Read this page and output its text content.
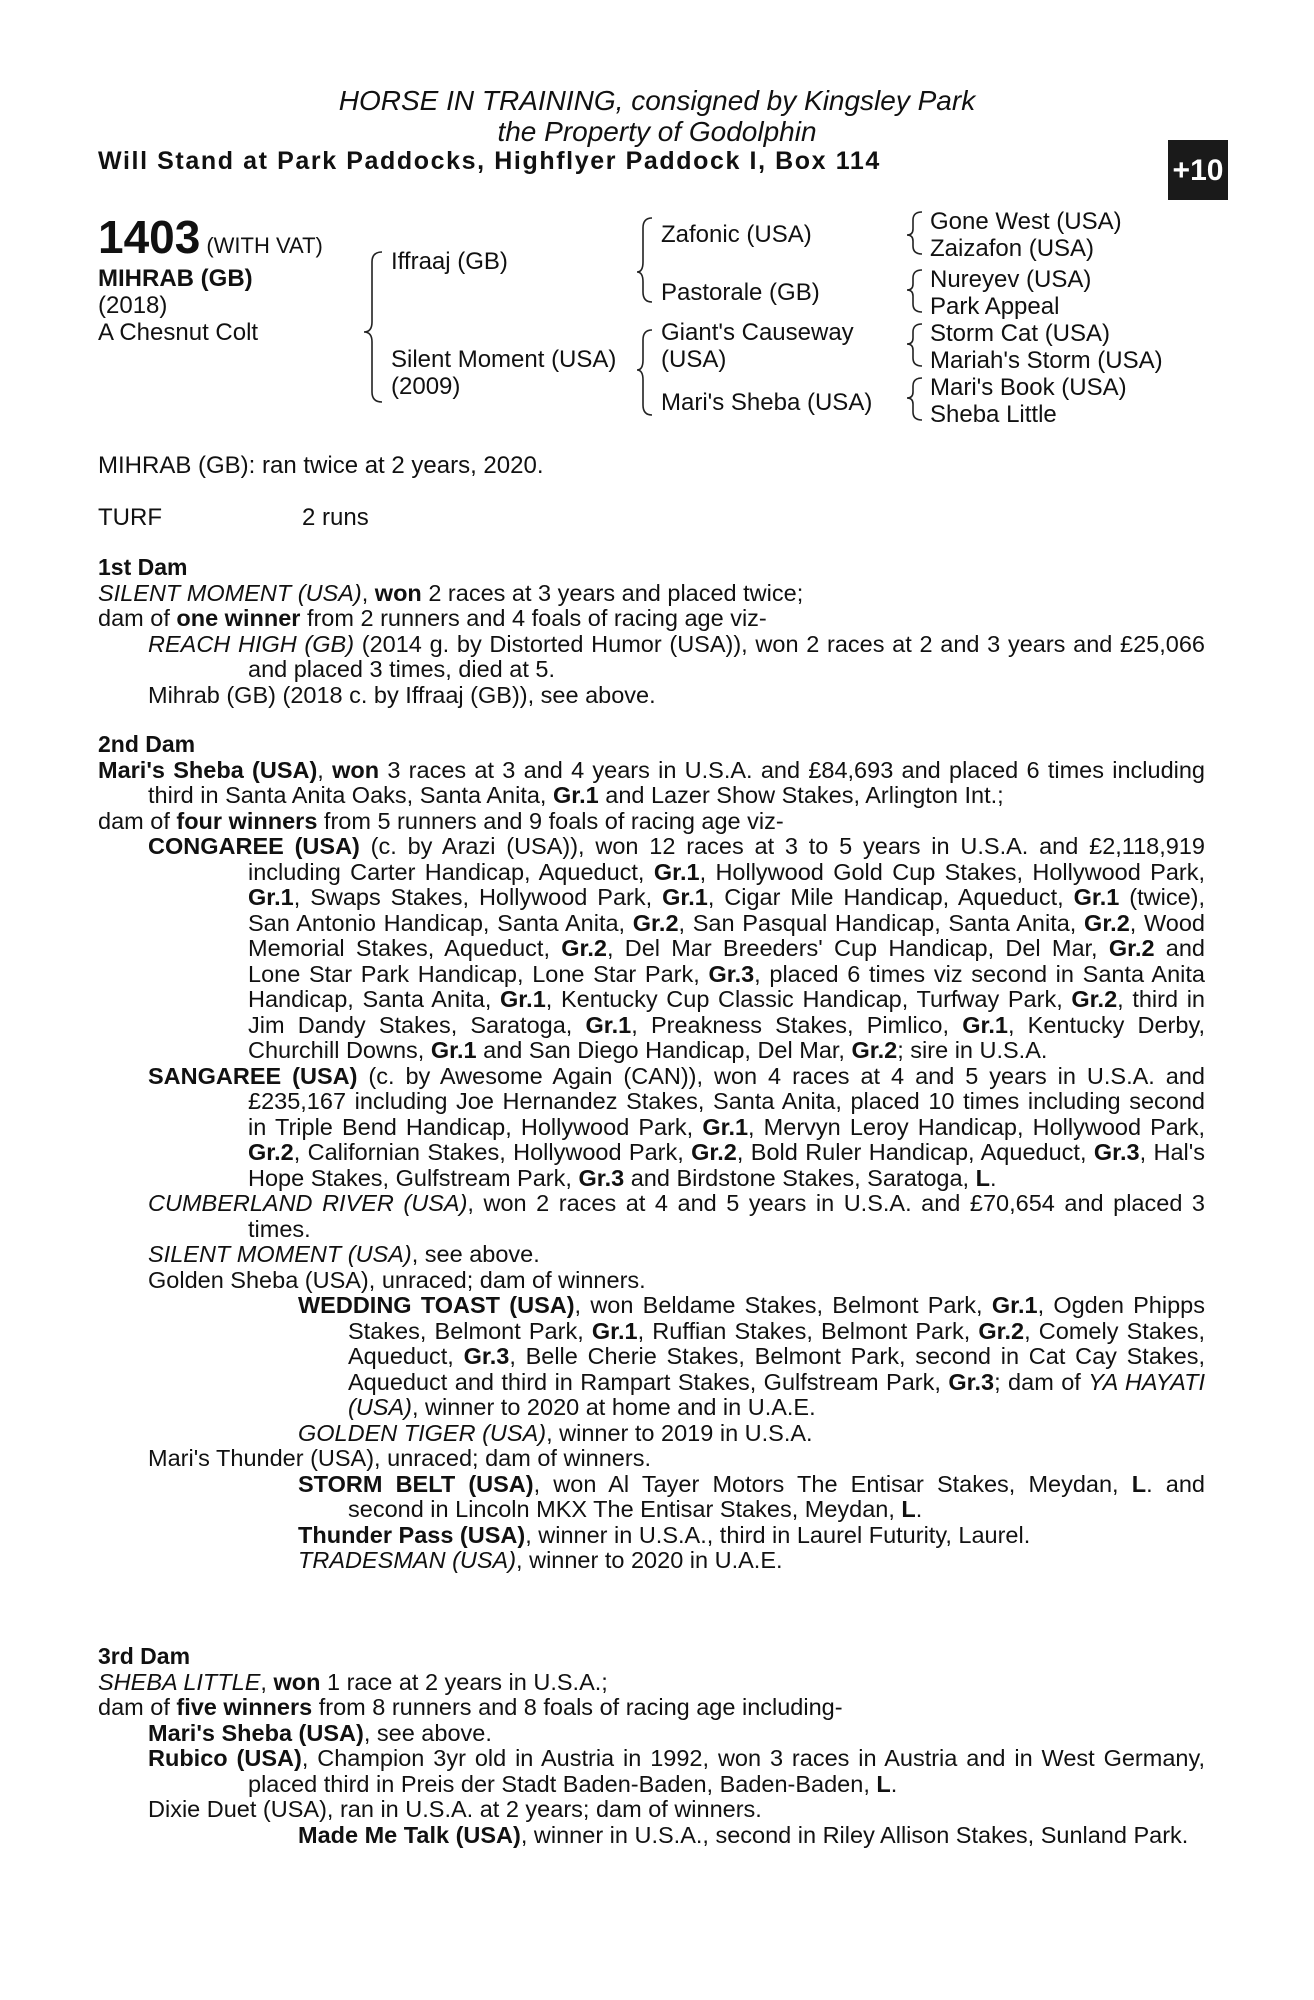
HORSE IN TRAINING, consigned by Kingsley Park
the Property of Godolphin
Will Stand at Park Paddocks, Highflyer Paddock I, Box 114	+10
1403 (WITH VAT)
MIHRAB (GB)
(2018)
A Chesnut Colt
Iffraaj (GB)
Silent Moment (USA)
(2009)
Zafonic (USA)
Pastorale (GB)
Giant's Causeway
(USA)
Mari's Sheba (USA)
Gone West (USA)
Zaizafon (USA)
Nureyev (USA)
Park Appeal
Storm Cat (USA)
Mariah's Storm (USA)
Mari's Book (USA)
Sheba Little
MIHRAB (GB): ran twice at 2 years, 2020.
TURF	2 runs

1st Dam

SILENT MOMENT (USA), won 2 races at 3 years and placed twice;

dam of one winner from 2 runners and 4 foals of racing age viz-

REACH HIGH (GB) (2014 g. by Distorted Humor (USA)), won 2 races at 2 and 3 years and £25,066 and placed 3 times, died at 5.

Mihrab (GB) (2018 c. by Iffraaj (GB)), see above.

2nd Dam

Mari's Sheba (USA), won 3 races at 3 and 4 years in U.S.A. and £84,693 and placed 6 times including third in Santa Anita Oaks, Santa Anita, Gr.1 and Lazer Show Stakes, Arlington Int.;

dam of four winners from 5 runners and 9 foals of racing age viz-

CONGAREE (USA) (c. by Arazi (USA)), won 12 races at 3 to 5 years in U.S.A. and £2,118,919 including Carter Handicap, Aqueduct, Gr.1, Hollywood Gold Cup Stakes, Hollywood Park, Gr.1, Swaps Stakes, Hollywood Park, Gr.1, Cigar Mile Handicap, Aqueduct, Gr.1 (twice), San Antonio Handicap, Santa Anita, Gr.2, San Pasqual Handicap, Santa Anita, Gr.2, Wood Memorial Stakes, Aqueduct, Gr.2, Del Mar Breeders' Cup Handicap, Del Mar, Gr.2 and Lone Star Park Handicap, Lone Star Park, Gr.3, placed 6 times viz second in Santa Anita Handicap, Santa Anita, Gr.1, Kentucky Cup Classic Handicap, Turfway Park, Gr.2, third in Jim Dandy Stakes, Saratoga, Gr.1, Preakness Stakes, Pimlico, Gr.1, Kentucky Derby, Churchill Downs, Gr.1 and San Diego Handicap, Del Mar, Gr.2; sire in U.S.A.

SANGAREE (USA) (c. by Awesome Again (CAN)), won 4 races at 4 and 5 years in U.S.A. and £235,167 including Joe Hernandez Stakes, Santa Anita, placed 10 times including second in Triple Bend Handicap, Hollywood Park, Gr.1, Mervyn Leroy Handicap, Hollywood Park, Gr.2, Californian Stakes, Hollywood Park, Gr.2, Bold Ruler Handicap, Aqueduct, Gr.3, Hal's Hope Stakes, Gulfstream Park, Gr.3 and Birdstone Stakes, Saratoga, L.

CUMBERLAND RIVER (USA), won 2 races at 4 and 5 years in U.S.A. and £70,654 and placed 3 times.

SILENT MOMENT (USA), see above.

Golden Sheba (USA), unraced; dam of winners.

WEDDING TOAST (USA), won Beldame Stakes, Belmont Park, Gr.1, Ogden Phipps Stakes, Belmont Park, Gr.1, Ruffian Stakes, Belmont Park, Gr.2, Comely Stakes, Aqueduct, Gr.3, Belle Cherie Stakes, Belmont Park, second in Cat Cay Stakes, Aqueduct and third in Rampart Stakes, Gulfstream Park, Gr.3; dam of YA HAYATI (USA), winner to 2020 at home and in U.A.E.

GOLDEN TIGER (USA), winner to 2019 in U.S.A.

Mari's Thunder (USA), unraced; dam of winners.

STORM BELT (USA), won Al Tayer Motors The Entisar Stakes, Meydan, L. and second in Lincoln MKX The Entisar Stakes, Meydan, L.

Thunder Pass (USA), winner in U.S.A., third in Laurel Futurity, Laurel.

TRADESMAN (USA), winner to 2020 in U.A.E.

3rd Dam

SHEBA LITTLE, won 1 race at 2 years in U.S.A.;

dam of five winners from 8 runners and 8 foals of racing age including-

Mari's Sheba (USA), see above.

Rubico (USA), Champion 3yr old in Austria in 1992, won 3 races in Austria and in West Germany, placed third in Preis der Stadt Baden-Baden, Baden-Baden, L.

Dixie Duet (USA), ran in U.S.A. at 2 years; dam of winners.

Made Me Talk (USA), winner in U.S.A., second in Riley Allison Stakes, Sunland Park.
